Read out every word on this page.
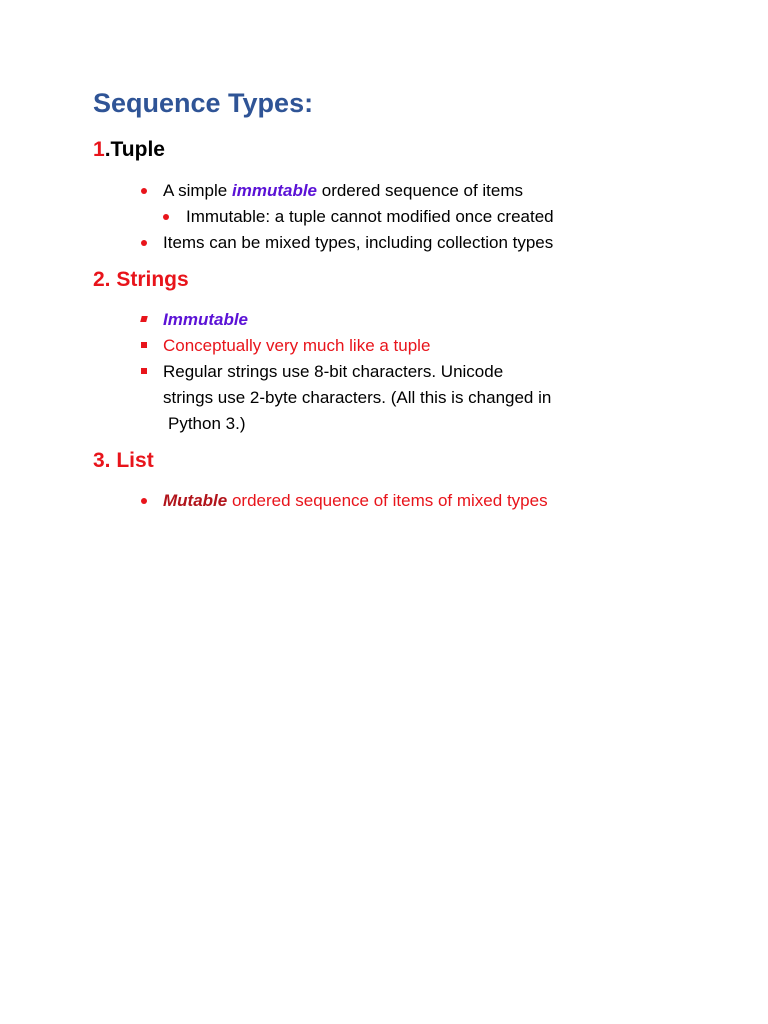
Sequence Types:
1.Tuple
A simple immutable ordered sequence of items
Immutable: a tuple cannot modified once created
Items can be mixed types, including collection types
2. Strings
Immutable
Conceptually very much like a tuple
Regular strings use 8-bit characters. Unicode
strings use 2-byte characters. (All this is changed in
Python 3.)
3. List
Mutable ordered sequence of items of mixed types
